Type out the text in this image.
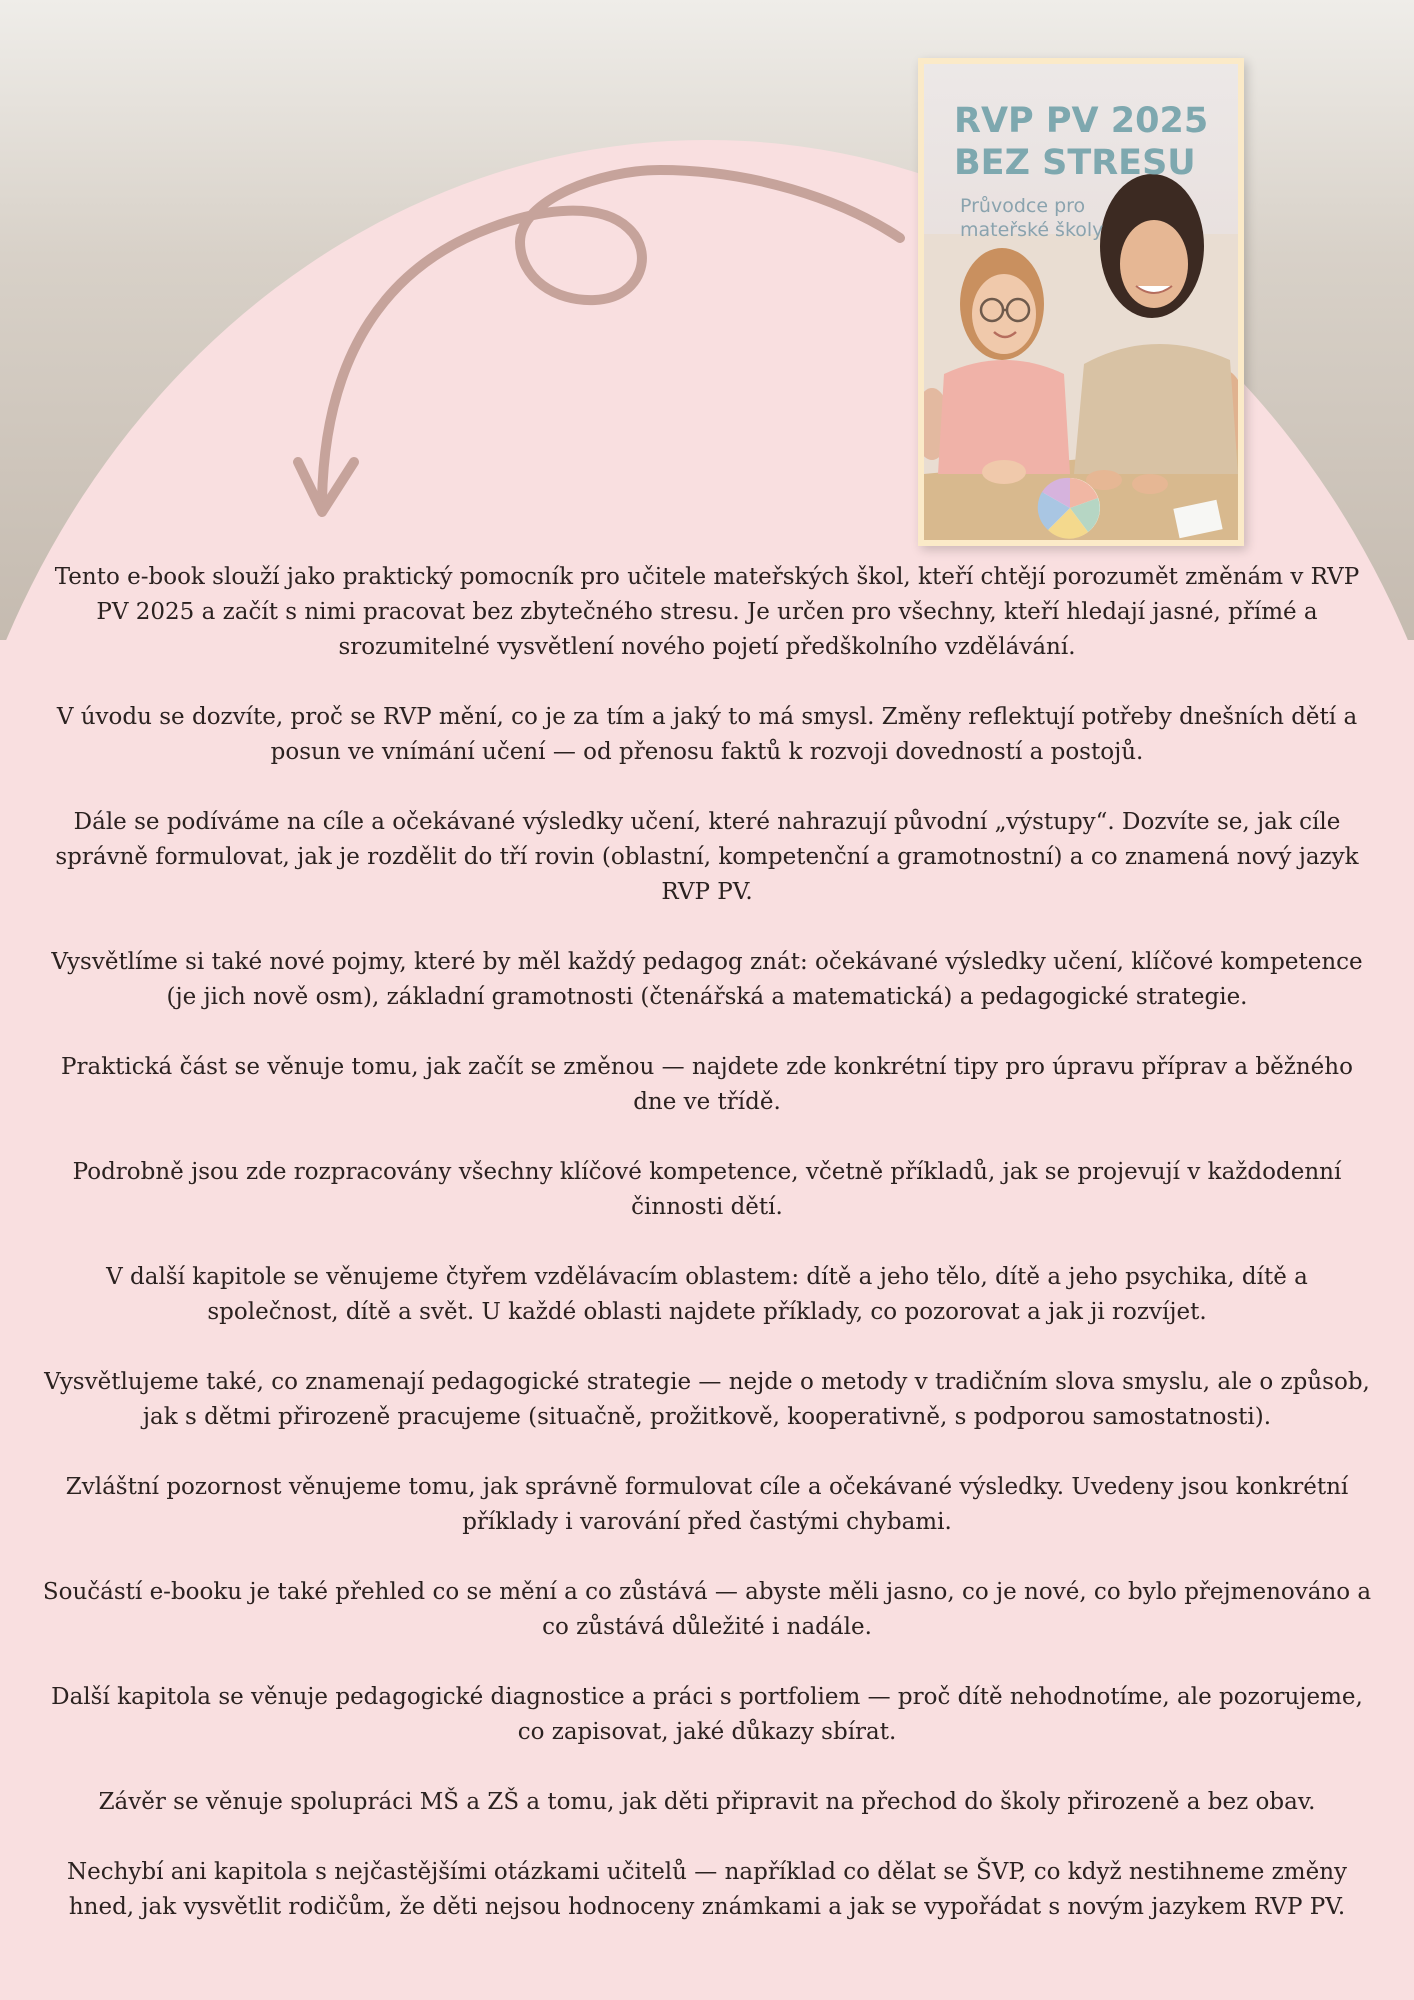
RVP PV 2025
BEZ STRESU
Průvodce pro
mateřské školy

Tento e-book slouží jako praktický pomocník pro učitele mateřských škol, kteří chtějí porozumět změnám v RVP PV 2025 a začít s nimi pracovat bez zbytečného stresu. Je určen pro všechny, kteří hledají jasné, přímé a srozumitelné vysvětlení nového pojetí předškolního vzdělávání.

V úvodu se dozvíte, proč se RVP mění, co je za tím a jaký to má smysl. Změny reflektují potřeby dnešních dětí a posun ve vnímání učení — od přenosu faktů k rozvoji dovedností a postojů.

Dále se podíváme na cíle a očekávané výsledky učení, které nahrazují původní „výstupy“. Dozvíte se, jak cíle správně formulovat, jak je rozdělit do tří rovin (oblastní, kompetenční a gramotnostní) a co znamená nový jazyk RVP PV.

Vysvětlíme si také nové pojmy, které by měl každý pedagog znát: očekávané výsledky učení, klíčové kompetence (je jich nově osm), základní gramotnosti (čtenářská a matematická) a pedagogické strategie.

Praktická část se věnuje tomu, jak začít se změnou — najdete zde konkrétní tipy pro úpravu příprav a běžného dne ve třídě.

Podrobně jsou zde rozpracovány všechny klíčové kompetence, včetně příkladů, jak se projevují v každodenní činnosti dětí.

V další kapitole se věnujeme čtyřem vzdělávacím oblastem: dítě a jeho tělo, dítě a jeho psychika, dítě a společnost, dítě a svět. U každé oblasti najdete příklady, co pozorovat a jak ji rozvíjet.

Vysvětlujeme také, co znamenají pedagogické strategie — nejde o metody v tradičním slova smyslu, ale o způsob, jak s dětmi přirozeně pracujeme (situačně, prožitkově, kooperativně, s podporou samostatnosti).

Zvláštní pozornost věnujeme tomu, jak správně formulovat cíle a očekávané výsledky. Uvedeny jsou konkrétní příklady i varování před častými chybami.

Součástí e-booku je také přehled co se mění a co zůstává — abyste měli jasno, co je nové, co bylo přejmenováno a co zůstává důležité i nadále.

Další kapitola se věnuje pedagogické diagnostice a práci s portfoliem — proč dítě nehodnotíme, ale pozorujeme, co zapisovat, jaké důkazy sbírat.

Závěr se věnuje spolupráci MŠ a ZŠ a tomu, jak děti připravit na přechod do školy přirozeně a bez obav.

Nechybí ani kapitola s nejčastějšími otázkami učitelů — například co dělat se ŠVP, co když nestihneme změny hned, jak vysvětlit rodičům, že děti nejsou hodnoceny známkami a jak se vypořádat s novým jazykem RVP PV.
